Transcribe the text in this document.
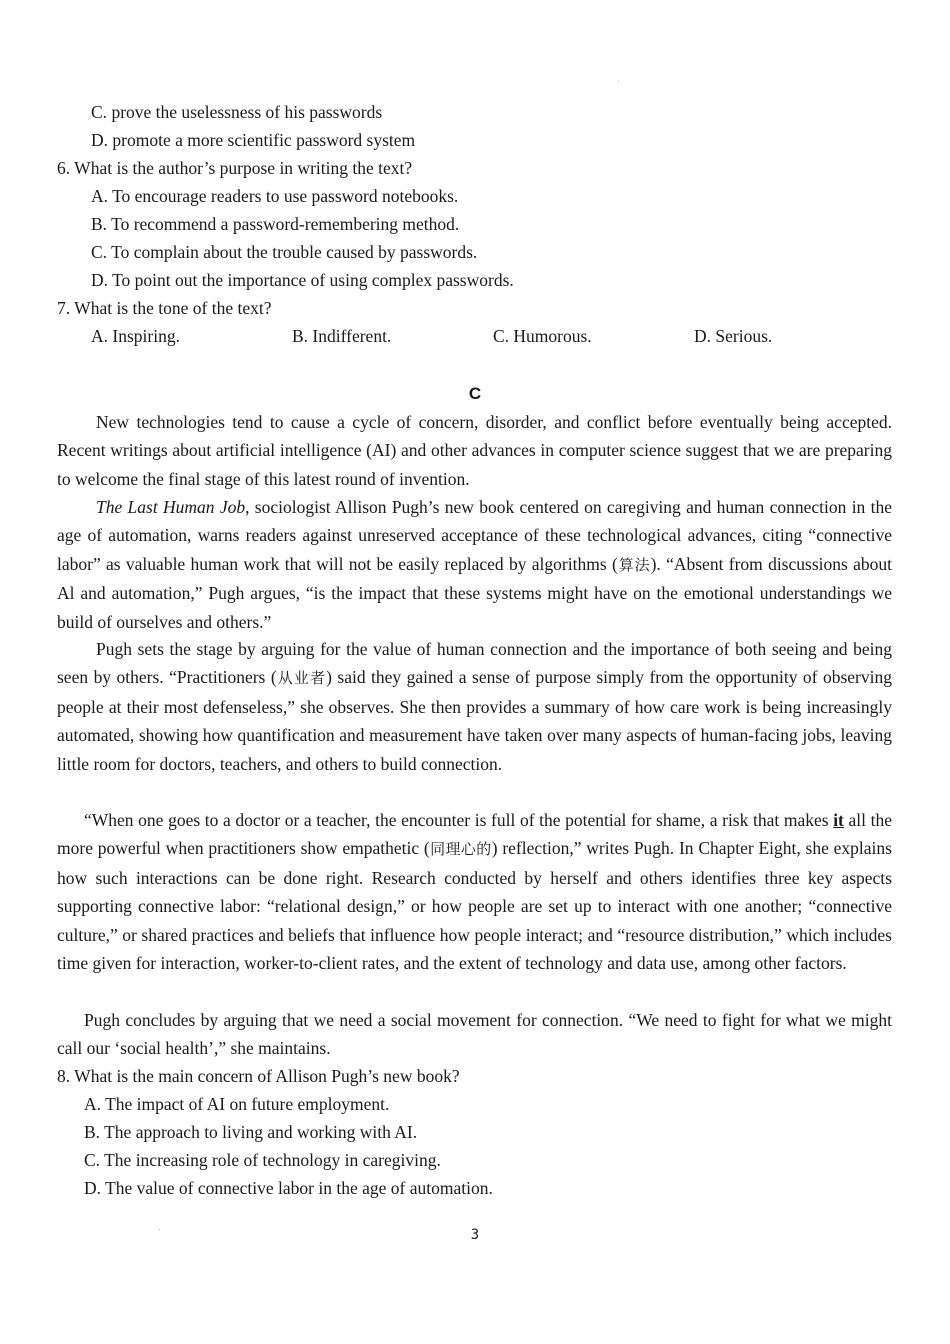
C. prove the uselessness of his passwords
D. promote a more scientific password system
6. What is the author’s purpose in writing the text?
A. To encourage readers to use password notebooks.
B. To recommend a password-remembering method.
C. To complain about the trouble caused by passwords.
D. To point out the importance of using complex passwords.
7. What is the tone of the text?
A. Inspiring.	B. Indifferent.	C. Humorous.	D. Serious.
C
New technologies tend to cause a cycle of concern, disorder, and conflict before eventually being accepted. Recent writings about artificial intelligence (AI) and other advances in computer science suggest that we are preparing to welcome the final stage of this latest round of invention.
The Last Human Job, sociologist Allison Pugh’s new book centered on caregiving and human connection in the age of automation, warns readers against unreserved acceptance of these technological advances, citing “connective labor” as valuable human work that will not be easily replaced by algorithms (算法). “Absent from discussions about Al and automation,” Pugh argues, “is the impact that these systems might have on the emotional understandings we build of ourselves and others.”
Pugh sets the stage by arguing for the value of human connection and the importance of both seeing and being seen by others. “Practitioners (从业者) said they gained a sense of purpose simply from the opportunity of observing people at their most defenseless,” she observes. She then provides a summary of how care work is being increasingly automated, showing how quantification and measurement have taken over many aspects of human-facing jobs, leaving little room for doctors, teachers, and others to build connection.
“When one goes to a doctor or a teacher, the encounter is full of the potential for shame, a risk that makes it all the more powerful when practitioners show empathetic (同理心的) reflection,” writes Pugh. In Chapter Eight, she explains how such interactions can be done right. Research conducted by herself and others identifies three key aspects supporting connective labor: “relational design,” or how people are set up to interact with one another; “connective culture,” or shared practices and beliefs that influence how people interact; and “resource distribution,” which includes time given for interaction, worker-to-client rates, and the extent of technology and data use, among other factors.
Pugh concludes by arguing that we need a social movement for connection. “We need to fight for what we might call our ‘social health’,” she maintains.
8. What is the main concern of Allison Pugh’s new book?
A. The impact of AI on future employment.
B. The approach to living and working with AI.
C. The increasing role of technology in caregiving.
D. The value of connective labor in the age of automation.
3
